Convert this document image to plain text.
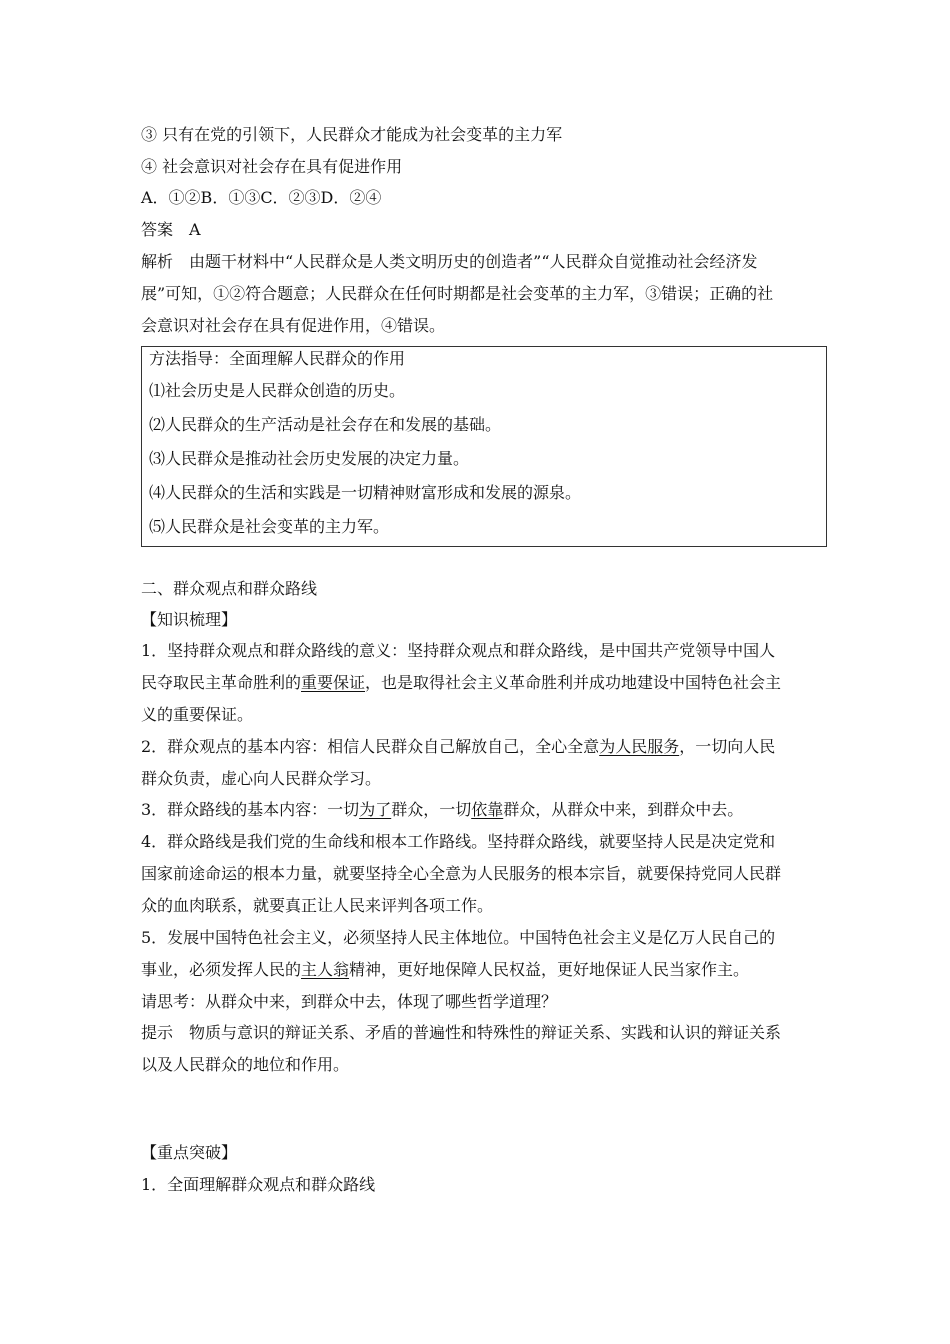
③ 只有在党的引领下，人民群众才能成为社会变革的主力军
④ 社会意识对社会存在具有促进作用
A．①②B．①③C．②③D．②④
答案　A
解析　由题干材料中“人民群众是人类文明历史的创造者”“人民群众自觉推动社会经济发
展”可知，①②符合题意；人民群众在任何时期都是社会变革的主力军，③错误；正确的社
会意识对社会存在具有促进作用，④错误。
方法指导：全面理解人民群众的作用
⑴社会历史是人民群众创造的历史。
⑵人民群众的生产活动是社会存在和发展的基础。
⑶人民群众是推动社会历史发展的决定力量。
⑷人民群众的生活和实践是一切精神财富形成和发展的源泉。
⑸人民群众是社会变革的主力军。
二、群众观点和群众路线
【知识梳理】
1．坚持群众观点和群众路线的意义：坚持群众观点和群众路线，是中国共产党领导中国人
民夺取民主革命胜利的重要保证，也是取得社会主义革命胜利并成功地建设中国特色社会主
义的重要保证。
2．群众观点的基本内容：相信人民群众自己解放自己，全心全意为人民服务，一切向人民
群众负责，虚心向人民群众学习。
3．群众路线的基本内容：一切为了群众，一切依靠群众，从群众中来，到群众中去。
4．群众路线是我们党的生命线和根本工作路线。坚持群众路线，就要坚持人民是决定党和
国家前途命运的根本力量，就要坚持全心全意为人民服务的根本宗旨，就要保持党同人民群
众的血肉联系，就要真正让人民来评判各项工作。
5．发展中国特色社会主义，必须坚持人民主体地位。中国特色社会主义是亿万人民自己的
事业，必须发挥人民的主人翁精神，更好地保障人民权益，更好地保证人民当家作主。
请思考：从群众中来，到群众中去，体现了哪些哲学道理？
提示　物质与意识的辩证关系、矛盾的普遍性和特殊性的辩证关系、实践和认识的辩证关系
以及人民群众的地位和作用。
【重点突破】
1．全面理解群众观点和群众路线
